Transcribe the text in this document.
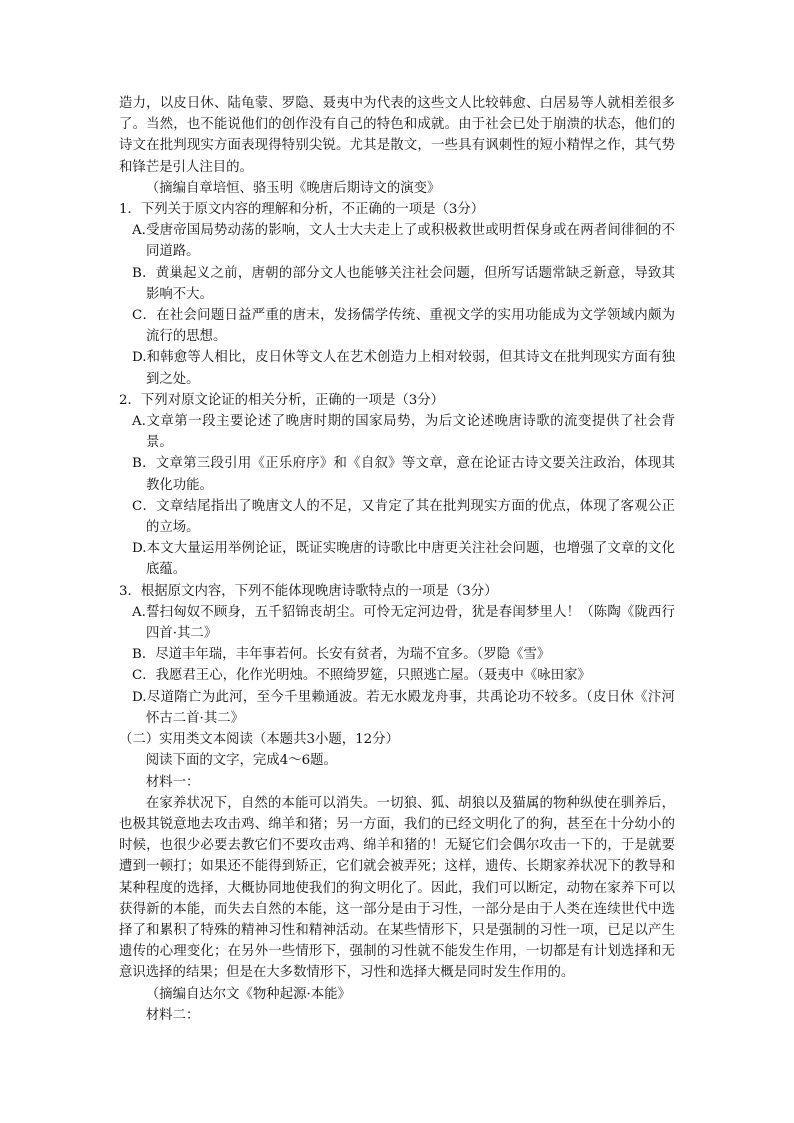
造力，以皮日休、陆龟蒙、罗隐、聂夷中为代表的这些文人比较韩愈、白居易等人就相差很多了。当然，也不能说他们的创作没有自己的特色和成就。由于社会已处于崩溃的状态，他们的诗文在批判现实方面表现得特别尖锐。尤其是散文，一些具有讽刺性的短小精悍之作，其气势和锋芒是引人注目的。

（摘编自章培恒、骆玉明《晚唐后期诗文的演变》

1．下列关于原文内容的理解和分析，不正确的一项是（3分）

A.受唐帝国局势动荡的影响，文人士大夫走上了或积极救世或明哲保身或在两者间徘徊的不同道路。

B．黄巢起义之前，唐朝的部分文人也能够关注社会问题，但所写话题常缺乏新意，导致其影响不大。

C．在社会问题日益严重的唐末，发扬儒学传统、重视文学的实用功能成为文学领域内颇为流行的思想。

D.和韩愈等人相比，皮日休等文人在艺术创造力上相对较弱，但其诗文在批判现实方面有独到之处。

2．下列对原文论证的相关分析，正确的一项是（3分）

A.文章第一段主要论述了晚唐时期的国家局势，为后文论述晚唐诗歌的流变提供了社会背景。

B．文章第三段引用《正乐府序》和《自叙》等文章，意在论证古诗文要关注政治，体现其教化功能。

C．文章结尾指出了晚唐文人的不足，又肯定了其在批判现实方面的优点，体现了客观公正的立场。

D.本文大量运用举例论证，既证实晚唐的诗歌比中唐更关注社会问题，也增强了文章的文化底蕴。

3．根据原文内容，下列不能体现晚唐诗歌特点的一项是（3分）

A.誓扫匈奴不顾身，五千貂锦丧胡尘。可怜无定河边骨，犹是春闺梦里人！（陈陶《陇西行四首·其二》

B．尽道丰年瑞，丰年事若何。长安有贫者，为瑞不宜多。（罗隐《雪》

C．我愿君王心，化作光明烛。不照绮罗筵，只照逃亡屋。（聂夷中《咏田家》

D.尽道隋亡为此河，至今千里赖通波。若无水殿龙舟事，共禹论功不较多。（皮日休《汴河怀古二首·其二》

（二）实用类文本阅读（本题共3小题，12分）

阅读下面的文字，完成4～6题。

材料一：

在家养状况下，自然的本能可以消失。一切狼、狐、胡狼以及猫属的物种纵使在驯养后，也极其锐意地去攻击鸡、绵羊和猪；另一方面，我们的已经文明化了的狗，甚至在十分幼小的时候，也很少必要去教它们不要攻击鸡、绵羊和猪的！无疑它们会偶尔攻击一下的，于是就要遭到一顿打；如果还不能得到矫正，它们就会被弄死；这样，遗传、长期家养状况下的教导和某种程度的选择，大概协同地使我们的狗文明化了。因此，我们可以断定，动物在家养下可以获得新的本能，而失去自然的本能，这一部分是由于习性，一部分是由于人类在连续世代中选择了和累积了特殊的精神习性和精神活动。在某些情形下，只是强制的习性一项，已足以产生遗传的心理变化；在另外一些情形下，强制的习性就不能发生作用，一切都是有计划选择和无意识选择的结果；但是在大多数情形下，习性和选择大概是同时发生作用的。

（摘编自达尔文《物种起源·本能》

材料二：
